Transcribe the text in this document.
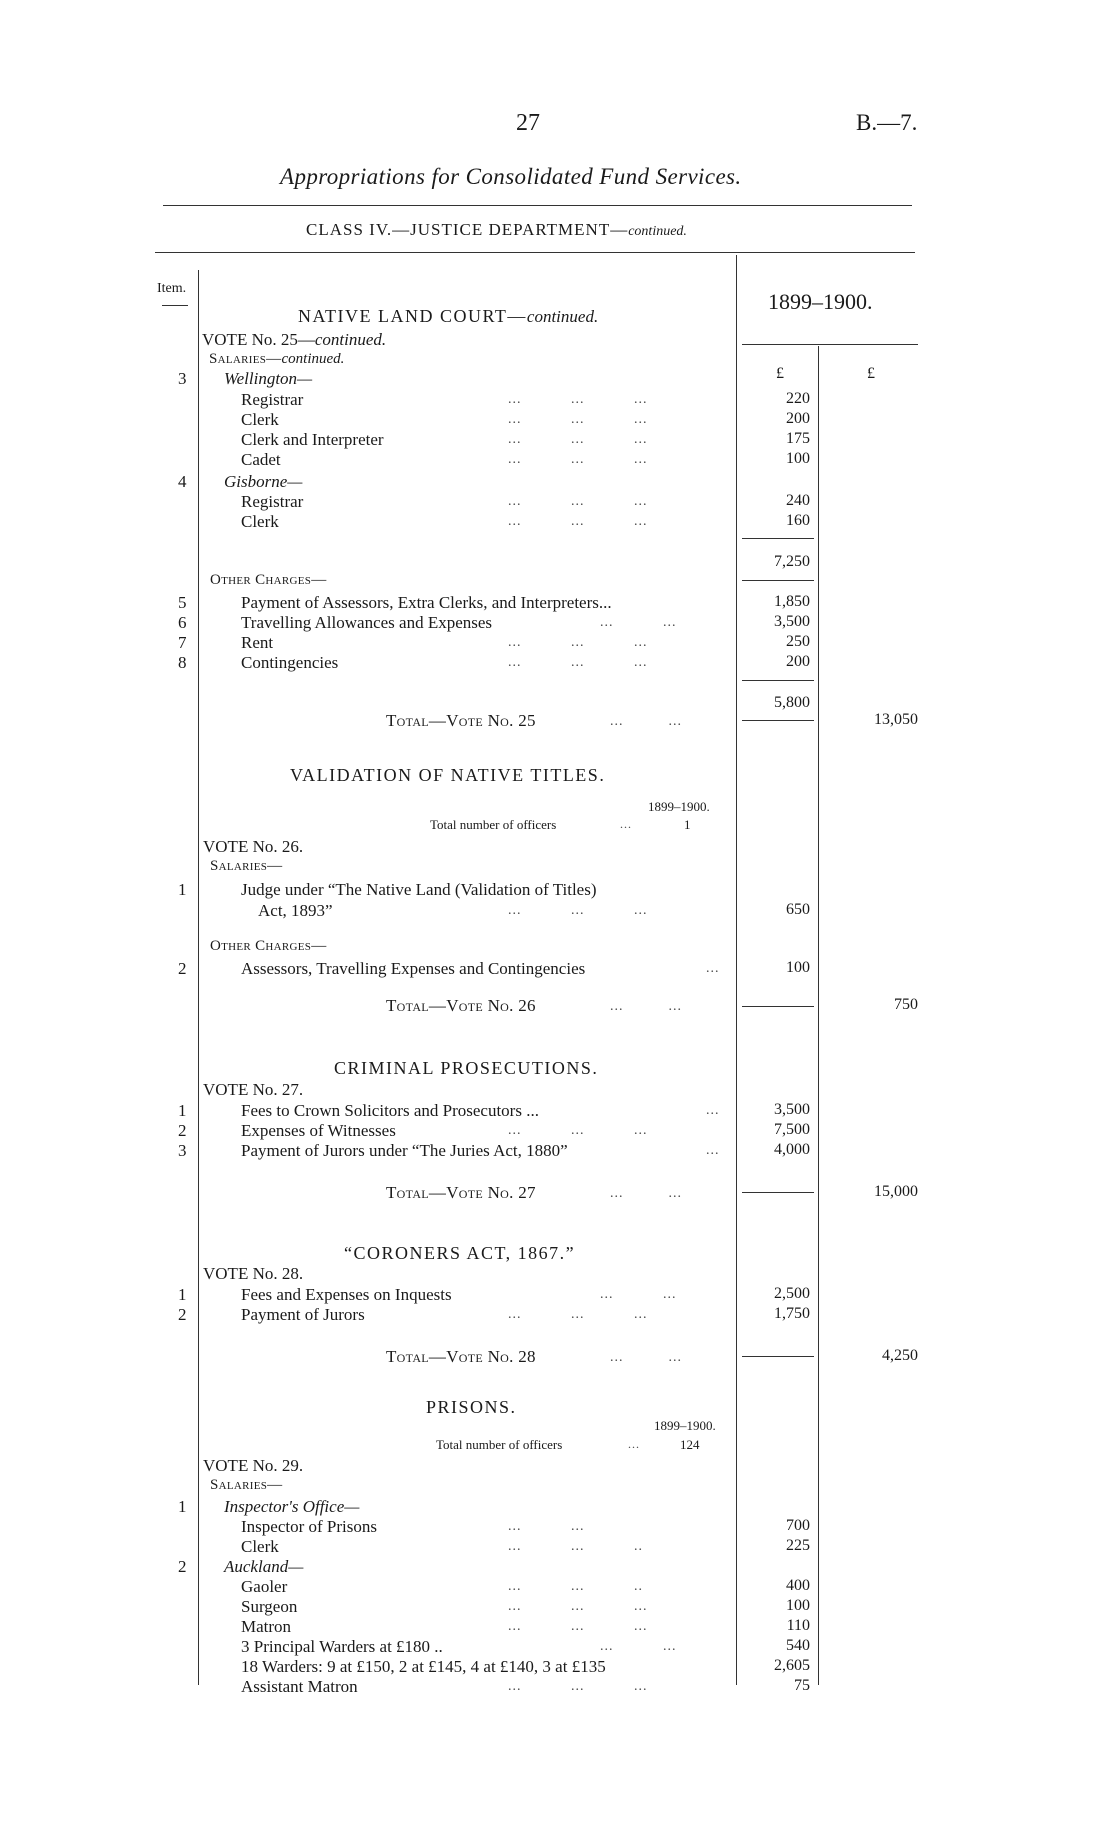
27	B.—7.
Appropriations for Consolidated Fund Services.
CLASS IV.—JUSTICE DEPARTMENT—continued.
Item.
1899–1900.
£	£
NATIVE LAND COURT—continued.
VOTE No. 25—continued.
Salaries—continued.
3 Wellington—
Registrar	...           ...           ...	220
Clerk	...           ...           ...	200
Clerk and Interpreter	...           ...           ...	175
Cadet	...           ...           ...	100
4 Gisborne—
Registrar	...           ...           ...	240
Clerk	...           ...           ...	160
7,250
Other Charges—
5	Payment of Assessors, Extra Clerks, and Interpreters...	1,850
6	Travelling Allowances and Expenses	...           ...	3,500
7	Rent	...           ...           ...	250
8	Contingencies	...           ...           ...	200
5,800
Total—Vote No. 25	...          ...	13,050
VALIDATION OF NATIVE TITLES.
1899–1900.
Total number of officers	...	1
VOTE No. 26.
Salaries—
1	Judge under “The Native Land (Validation of Titles)
Act, 1893”	...           ...           ...	650
Other Charges—
2	Assessors, Travelling Expenses and Contingencies	...	100
Total—Vote No. 26	...          ...	750
CRIMINAL PROSECUTIONS.
VOTE No. 27.
1	Fees to Crown Solicitors and Prosecutors ...	...	3,500
2	Expenses of Witnesses	...           ...           ...	7,500
3	Payment of Jurors under “The Juries Act, 1880”	...	4,000
Total—Vote No. 27	...          ...	15,000
“CORONERS ACT, 1867.”
VOTE No. 28.
1	Fees and Expenses on Inquests	...           ...	2,500
2	Payment of Jurors	...           ...           ...	1,750
Total—Vote No. 28	...          ...	4,250
PRISONS.
1899–1900.
Total number of officers	...	124
VOTE No. 29.
Salaries—
1 Inspector's Office—
Inspector of Prisons	...           ...	700
Clerk	...           ...           ..	225
2 Auckland—
Gaoler	...           ...           ..	400
Surgeon	...           ...           ...	100
Matron	...           ...           ...	110
3 Principal Warders at £180 ..	...           ...	540
18 Warders: 9 at £150, 2 at £145, 4 at £140, 3 at £135	2,605
Assistant Matron	...           ...           ...	75
